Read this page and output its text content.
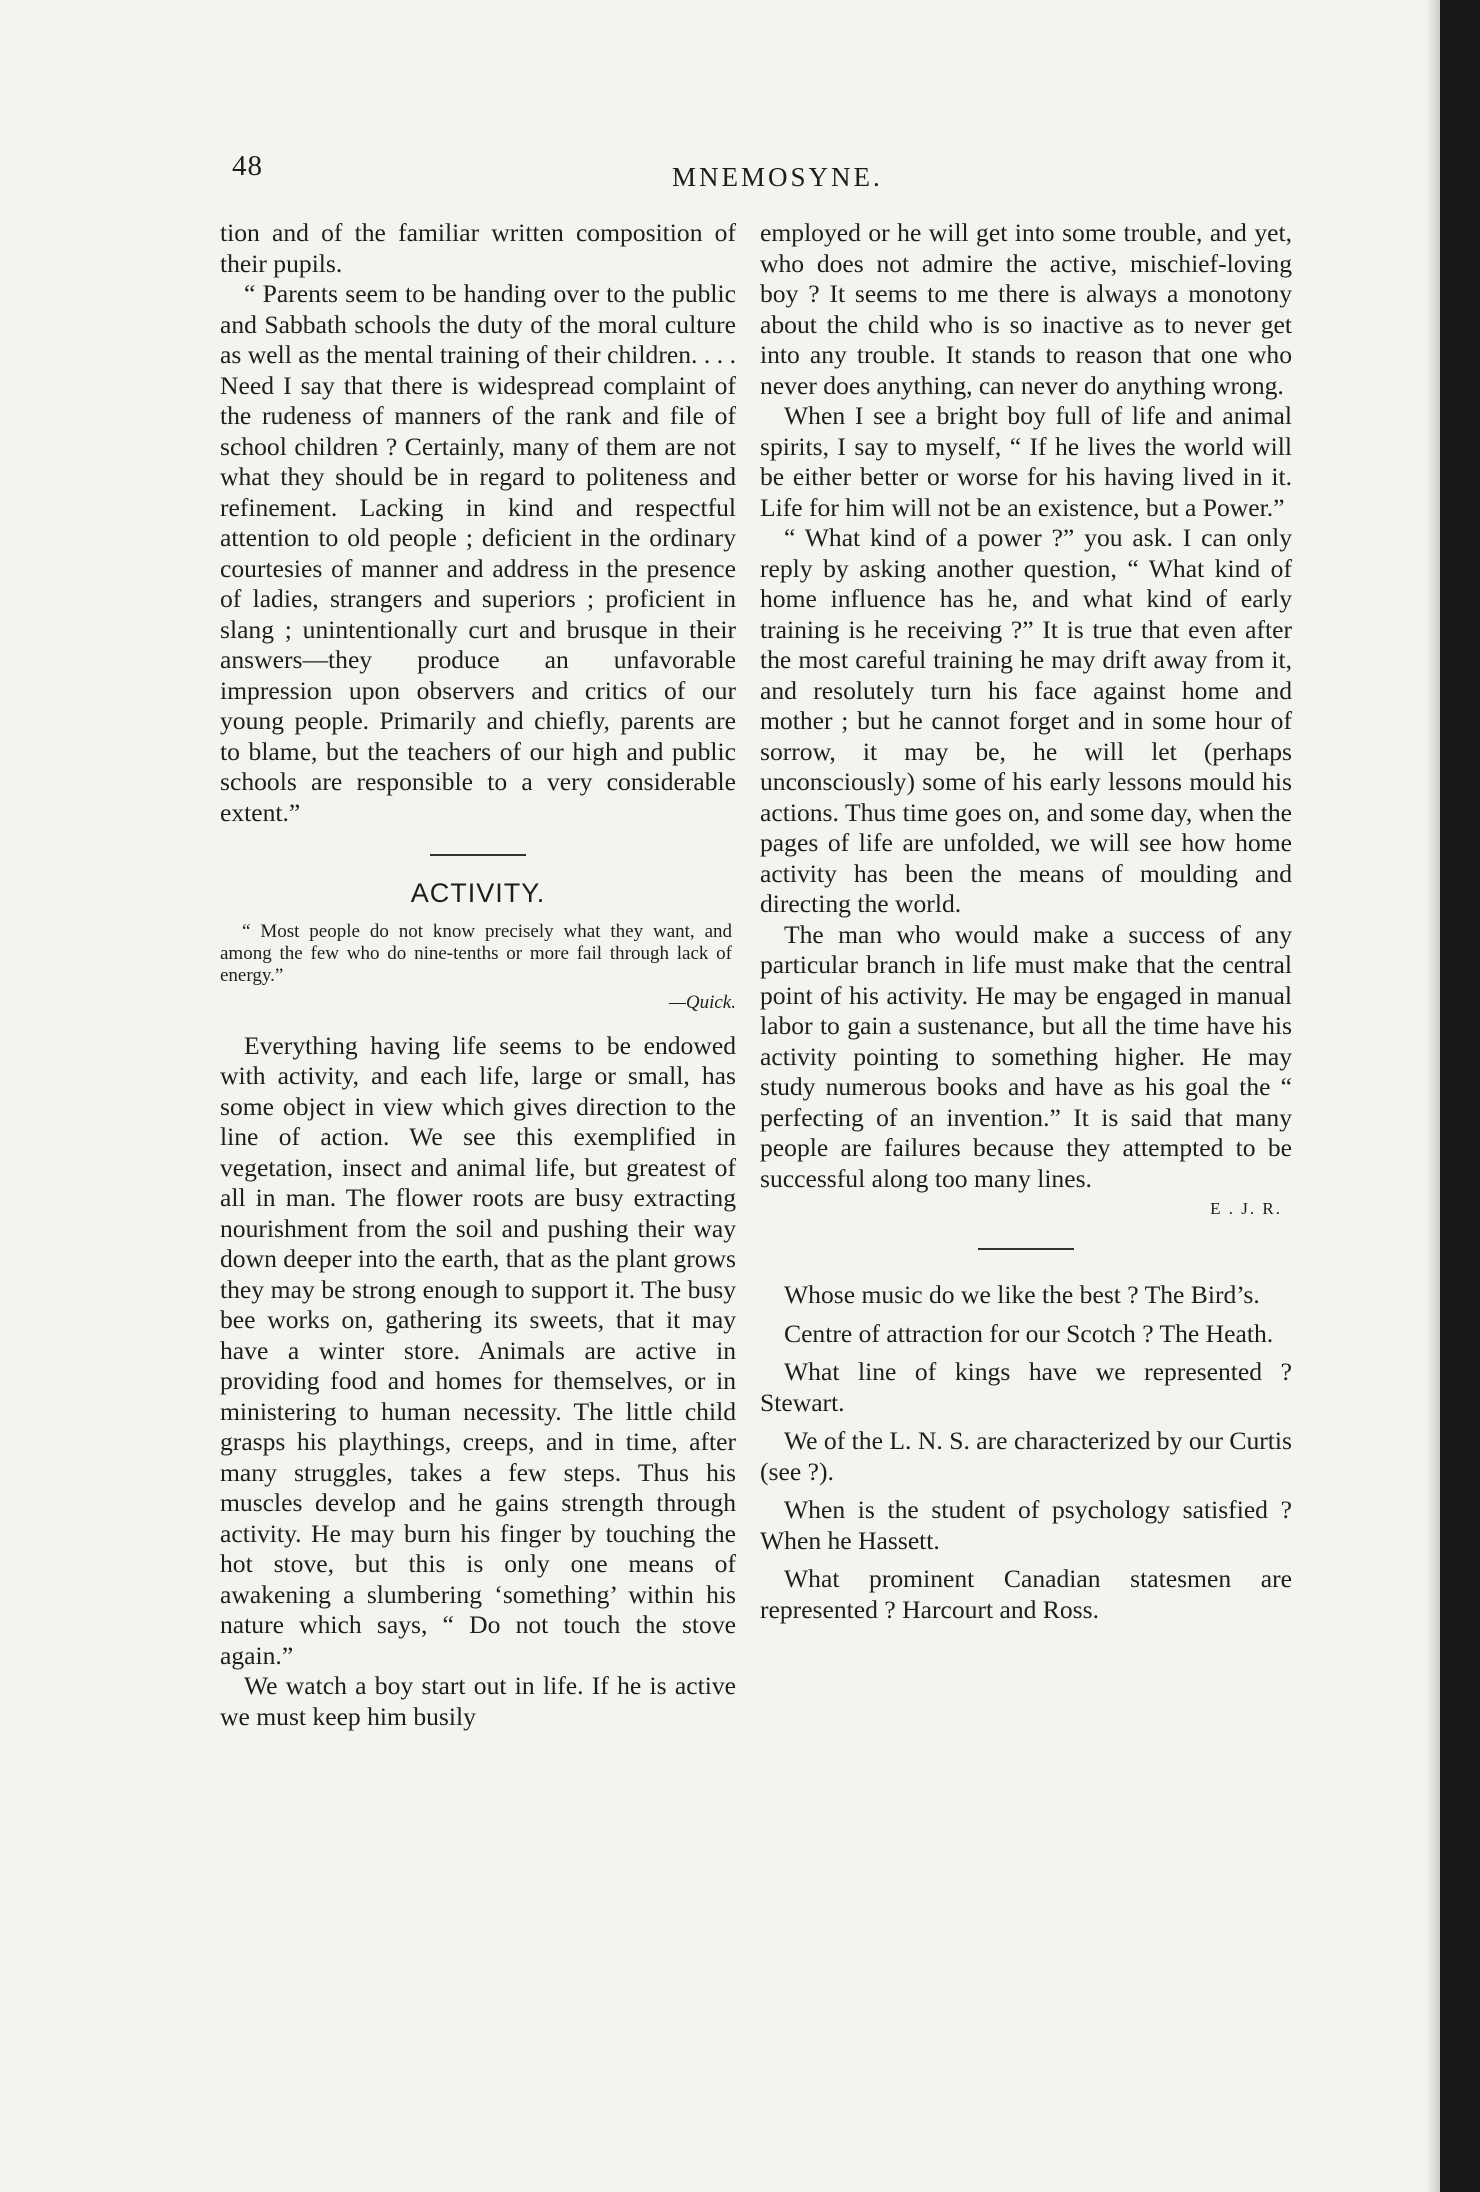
48	MNEMOSYNE.

tion and of the familiar written composition of their pupils.

“ Parents seem to be handing over to the public and Sabbath schools the duty of the moral culture as well as the mental training of their children. . . . Need I say that there is widespread complaint of the rudeness of manners of the rank and file of school children ? Certainly, many of them are not what they should be in regard to politeness and refinement. Lacking in kind and respectful attention to old people ; deficient in the ordinary courtesies of manner and address in the presence of ladies, strangers and superiors ; proficient in slang ; unintentionally curt and brusque in their answers—they produce an unfavorable impression upon observers and critics of our young people. Primarily and chiefly, parents are to blame, but the teachers of our high and public schools are responsible to a very considerable extent.”

ACTIVITY.
“ Most people do not know precisely what they want, and among the few who do nine-tenths or more fail through lack of energy.”
—Quick.

Everything having life seems to be endowed with activity, and each life, large or small, has some object in view which gives direction to the line of action. We see this exemplified in vegetation, insect and animal life, but greatest of all in man. The flower roots are busy extracting nourishment from the soil and pushing their way down deeper into the earth, that as the plant grows they may be strong enough to support it. The busy bee works on, gathering its sweets, that it may have a winter store. Animals are active in providing food and homes for themselves, or in ministering to human necessity. The little child grasps his playthings, creeps, and in time, after many struggles, takes a few steps. Thus his muscles develop and he gains strength through activity. He may burn his finger by touching the hot stove, but this is only one means of awakening a slumbering ‘something’ within his nature which says, “ Do not touch the stove again.”

We watch a boy start out in life. If he is active we must keep him busily

employed or he will get into some trouble, and yet, who does not admire the active, mischief-loving boy ? It seems to me there is always a monotony about the child who is so inactive as to never get into any trouble. It stands to reason that one who never does anything, can never do anything wrong.

When I see a bright boy full of life and animal spirits, I say to myself, “ If he lives the world will be either better or worse for his having lived in it. Life for him will not be an existence, but a Power.”

“ What kind of a power ?” you ask. I can only reply by asking another question, “ What kind of home influence has he, and what kind of early training is he receiving ?” It is true that even after the most careful training he may drift away from it, and resolutely turn his face against home and mother ; but he cannot forget and in some hour of sorrow, it may be, he will let (perhaps unconsciously) some of his early lessons mould his actions. Thus time goes on, and some day, when the pages of life are unfolded, we will see how home activity has been the means of moulding and directing the world.

The man who would make a success of any particular branch in life must make that the central point of his activity. He may be engaged in manual labor to gain a sustenance, but all the time have his activity pointing to something higher. He may study numerous books and have as his goal the “ perfecting of an invention.” It is said that many people are failures because they attempted to be successful along too many lines.

E . J. R.

Whose music do we like the best ? The Bird’s.

Centre of attraction for our Scotch ? The Heath.

What line of kings have we represented ? Stewart.

We of the L. N. S. are characterized by our Curtis (see ?).

When is the student of psychology satisfied ? When he Hassett.

What prominent Canadian statesmen are represented ? Harcourt and Ross.
